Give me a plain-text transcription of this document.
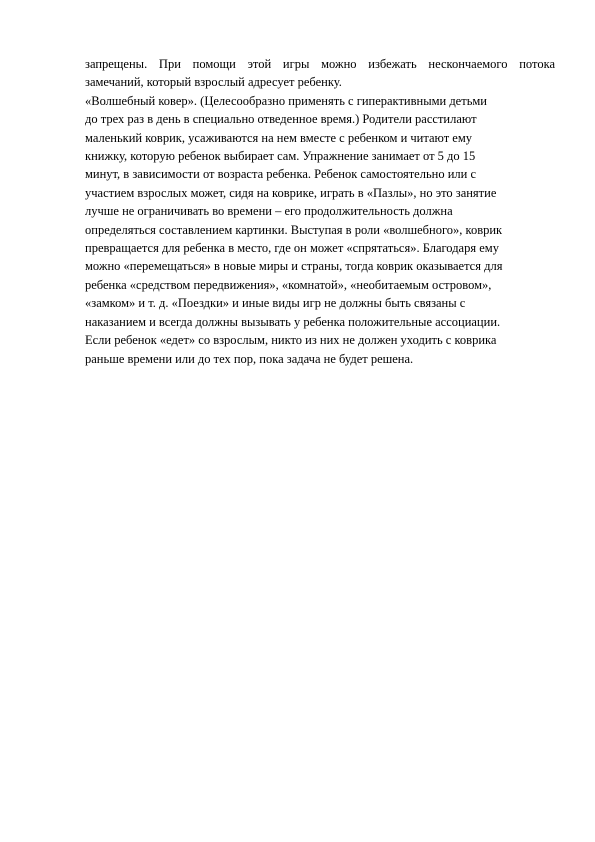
запрещены. При помощи этой игры можно избежать нескончаемого потока
замечаний, который взрослый адресует ребенку.
«Волшебный ковер». (Целесообразно применять с гиперактивными детьми
до трех раз в день в специально отведенное время.) Родители расстилают
маленький коврик, усаживаются на нем вместе с ребенком и читают ему
книжку, которую ребенок выбирает сам. Упражнение занимает от 5 до 15
минут, в зависимости от возраста ребенка. Ребенок самостоятельно или с
участием взрослых может, сидя на коврике, играть в «Пазлы», но это занятие
лучше не ограничивать во времени – его продолжительность должна
определяться составлением картинки. Выступая в роли «волшебного», коврик
превращается для ребенка в место, где он может «спрятаться». Благодаря ему
можно «перемещаться» в новые миры и страны, тогда коврик оказывается для
ребенка «средством передвижения», «комнатой», «необитаемым островом»,
«замком» и т. д. «Поездки» и иные виды игр не должны быть связаны с
наказанием и всегда должны вызывать у ребенка положительные ассоциации.
Если ребенок «едет» со взрослым, никто из них не должен уходить с коврика
раньше времени или до тех пор, пока задача не будет решена.
